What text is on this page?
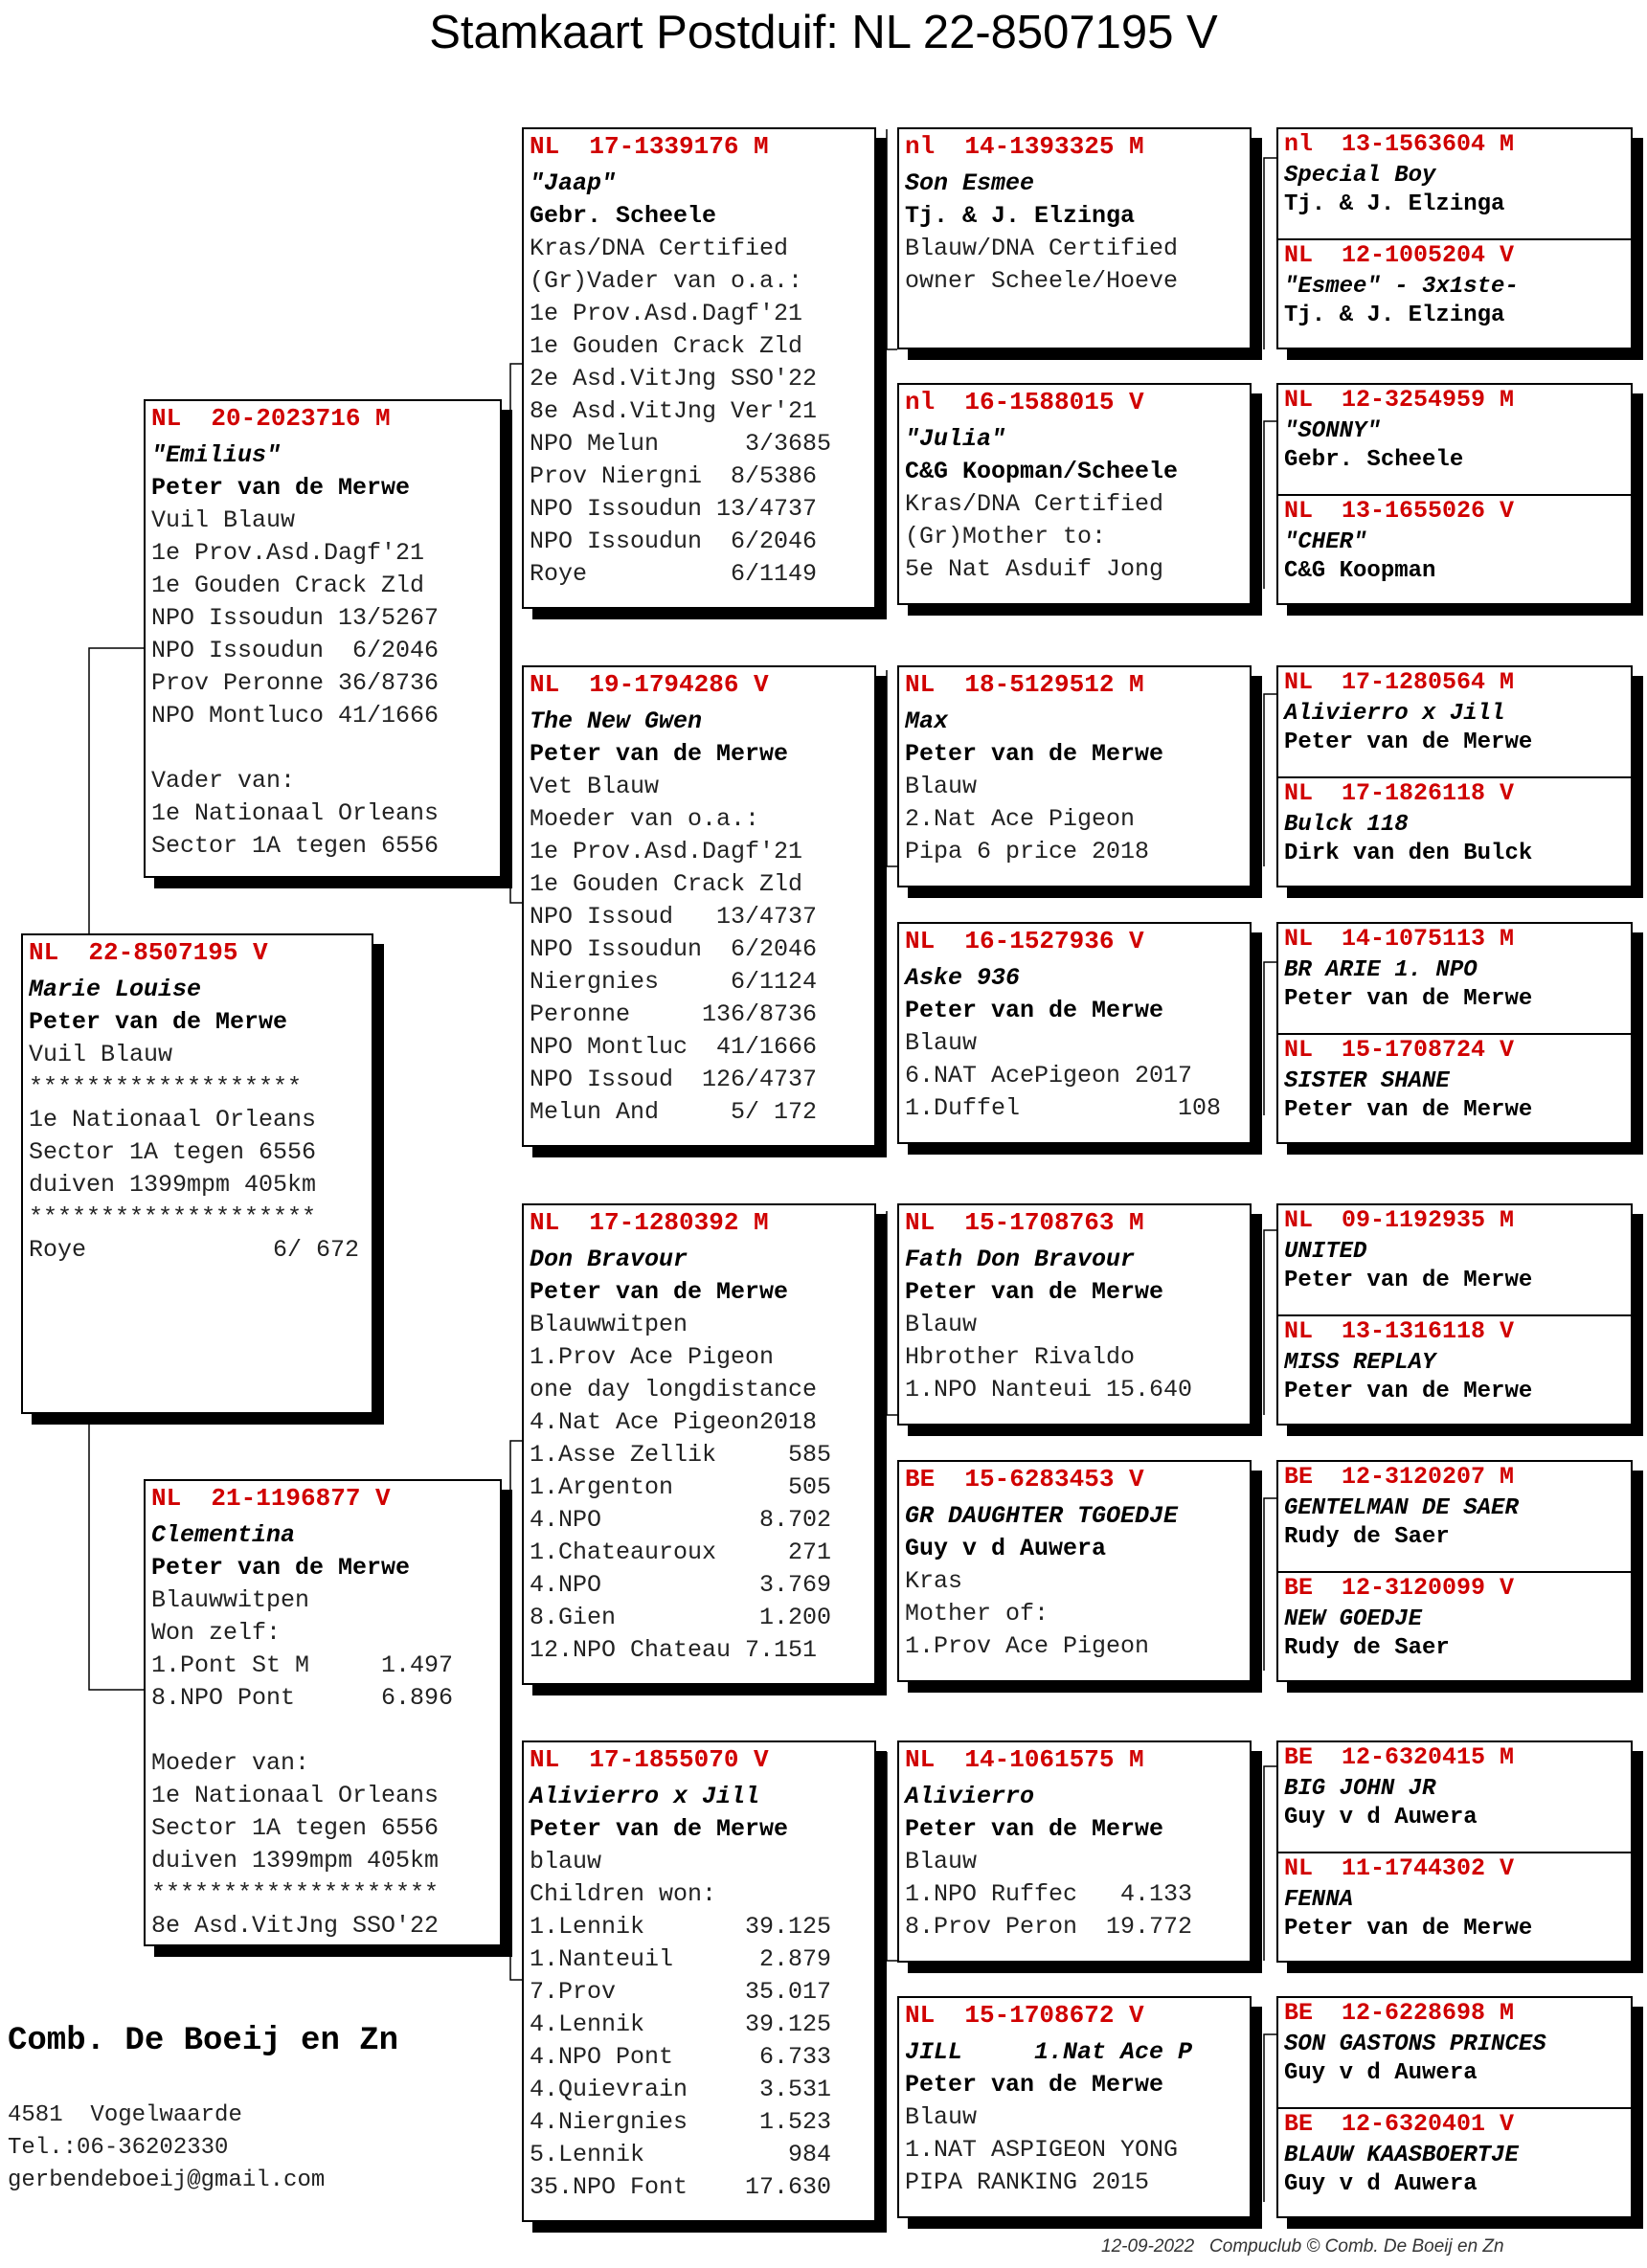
Stamkaart Postduif: NL 22-8507195 V
NL  22-8507195 V
Marie Louise
Peter van de Merwe
Vuil Blauw
*******************
1e Nationaal Orleans
Sector 1A tegen 6556
duiven 1399mpm 405km
********************
Roye             6/ 672
NL  20-2023716 M
"Emilius"
Peter van de Merwe
Vuil Blauw
1e Prov.Asd.Dagf'21
1e Gouden Crack Zld
NPO Issoudun 13/5267
NPO Issoudun  6/2046
Prov Peronne 36/8736
NPO Montluco 41/1666
Vader van:
1e Nationaal Orleans
Sector 1A tegen 6556
NL  21-1196877 V
Clementina
Peter van de Merwe
Blauwwitpen
Won zelf:
1.Pont St M     1.497
8.NPO Pont      6.896
Moeder van:
1e Nationaal Orleans
Sector 1A tegen 6556
duiven 1399mpm 405km
********************
8e Asd.VitJng SSO'22
NL  17-1339176 M
"Jaap"
Gebr. Scheele
Kras/DNA Certified
(Gr)Vader van o.a.:
1e Prov.Asd.Dagf'21
1e Gouden Crack Zld
2e Asd.VitJng SSO'22
8e Asd.VitJng Ver'21
NPO Melun      3/3685
Prov Niergni  8/5386
NPO Issoudun 13/4737
NPO Issoudun  6/2046
Roye          6/1149
NL  19-1794286 V
The New Gwen
Peter van de Merwe
Vet Blauw
Moeder van o.a.:
1e Prov.Asd.Dagf'21
1e Gouden Crack Zld
NPO Issoud   13/4737
NPO Issoudun  6/2046
Niergnies     6/1124
Peronne     136/8736
NPO Montluc  41/1666
NPO Issoud  126/4737
Melun And     5/ 172
NL  17-1280392 M
Don Bravour
Peter van de Merwe
Blauwwitpen
1.Prov Ace Pigeon
one day longdistance
4.Nat Ace Pigeon2018
1.Asse Zellik     585
1.Argenton        505
4.NPO           8.702
1.Chateauroux     271
4.NPO           3.769
8.Gien          1.200
12.NPO Chateau 7.151
NL  17-1855070 V
Alivierro x Jill
Peter van de Merwe
blauw
Children won:
1.Lennik       39.125
1.Nanteuil      2.879
7.Prov         35.017
4.Lennik       39.125
4.NPO Pont      6.733
4.Quievrain     3.531
4.Niergnies     1.523
5.Lennik          984
35.NPO Font    17.630
nl  14-1393325 M
Son Esmee
Tj. & J. Elzinga
Blauw/DNA Certified
owner Scheele/Hoeve
nl  16-1588015 V
"Julia"
C&G Koopman/Scheele
Kras/DNA Certified
(Gr)Mother to:
5e Nat Asduif Jong
NL  18-5129512 M
Max
Peter van de Merwe
Blauw
2.Nat Ace Pigeon
Pipa 6 price 2018
NL  16-1527936 V
Aske 936
Peter van de Merwe
Blauw
6.NAT AcePigeon 2017
1.Duffel           108
NL  15-1708763 M
Fath Don Bravour
Peter van de Merwe
Blauw
Hbrother Rivaldo
1.NPO Nanteui 15.640
BE  15-6283453 V
GR DAUGHTER TGOEDJE
Guy v d Auwera
Kras
Mother of:
1.Prov Ace Pigeon
NL  14-1061575 M
Alivierro
Peter van de Merwe
Blauw
1.NPO Ruffec   4.133
8.Prov Peron  19.772
NL  15-1708672 V
JILL     1.Nat Ace P
Peter van de Merwe
Blauw
1.NAT ASPIGEON YONG
PIPA RANKING 2015
nl  13-1563604 M
Special Boy
Tj. & J. Elzinga
NL  12-1005204 V
"Esmee" - 3x1ste-
Tj. & J. Elzinga
NL  12-3254959 M
"SONNY"
Gebr. Scheele
NL  13-1655026 V
"CHER"
C&G Koopman
NL  17-1280564 M
Alivierro x Jill
Peter van de Merwe
NL  17-1826118 V
Bulck 118
Dirk van den Bulck
NL  14-1075113 M
BR ARIE 1. NPO
Peter van de Merwe
NL  15-1708724 V
SISTER SHANE
Peter van de Merwe
NL  09-1192935 M
UNITED
Peter van de Merwe
NL  13-1316118 V
MISS REPLAY
Peter van de Merwe
BE  12-3120207 M
GENTELMAN DE SAER
Rudy de Saer
BE  12-3120099 V
NEW GOEDJE
Rudy de Saer
BE  12-6320415 M
BIG JOHN JR
Guy v d Auwera
NL  11-1744302 V
FENNA
Peter van de Merwe
BE  12-6228698 M
SON GASTONS PRINCES
Guy v d Auwera
BE  12-6320401 V
BLAUW KAASBOERTJE
Guy v d Auwera
Comb. De Boeij en Zn
4581  Vogelwaarde
Tel.:06-36202330
gerbendeboeij@gmail.com
12-09-2022   Compuclub © Comb. De Boeij en Zn
